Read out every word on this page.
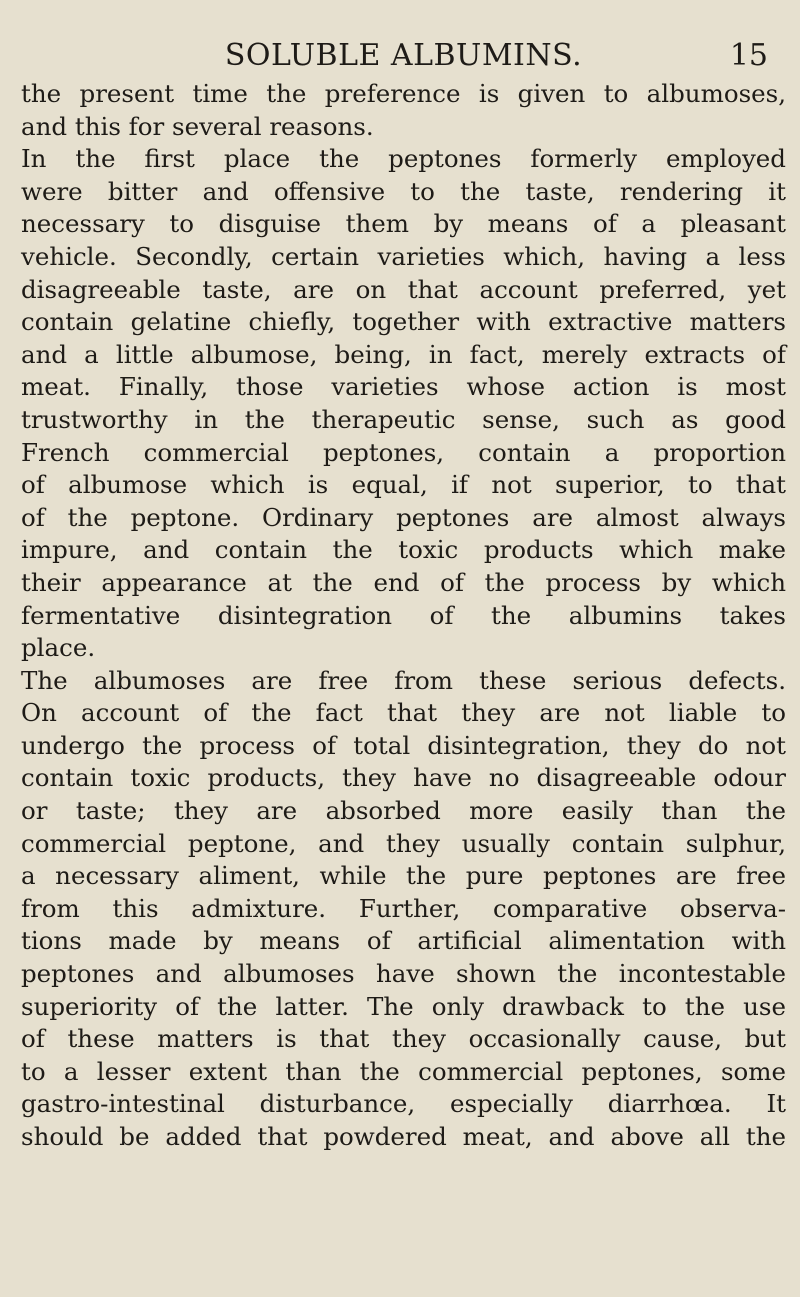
SOLUBLE ALBUMINS.	15
the present time the preference is given to albumoses,
and this for several reasons.
In the first place the peptones formerly employed
were bitter and offensive to the taste, rendering it
necessary to disguise them by means of a pleasant
vehicle. Secondly, certain varieties which, having a less
disagreeable taste, are on that account preferred, yet
contain gelatine chiefly, together with extractive matters
and a little albumose, being, in fact, merely extracts of
meat. Finally, those varieties whose action is most
trustworthy in the therapeutic sense, such as good
French commercial peptones, contain a proportion
of albumose which is equal, if not superior, to that
of the peptone. Ordinary peptones are almost always
impure, and contain the toxic products which make
their appearance at the end of the process by which
fermentative disintegration of the albumins takes
place.
The albumoses are free from these serious defects.
On account of the fact that they are not liable to
undergo the process of total disintegration, they do not
contain toxic products, they have no disagreeable odour
or taste; they are absorbed more easily than the
commercial peptone, and they usually contain sulphur,
a necessary aliment, while the pure peptones are free
from this admixture. Further, comparative observa-
tions made by means of artificial alimentation with
peptones and albumoses have shown the incontestable
superiority of the latter. The only drawback to the use
of these matters is that they occasionally cause, but
to a lesser extent than the commercial peptones, some
gastro-intestinal disturbance, especially diarrhœa. It
should be added that powdered meat, and above all the
